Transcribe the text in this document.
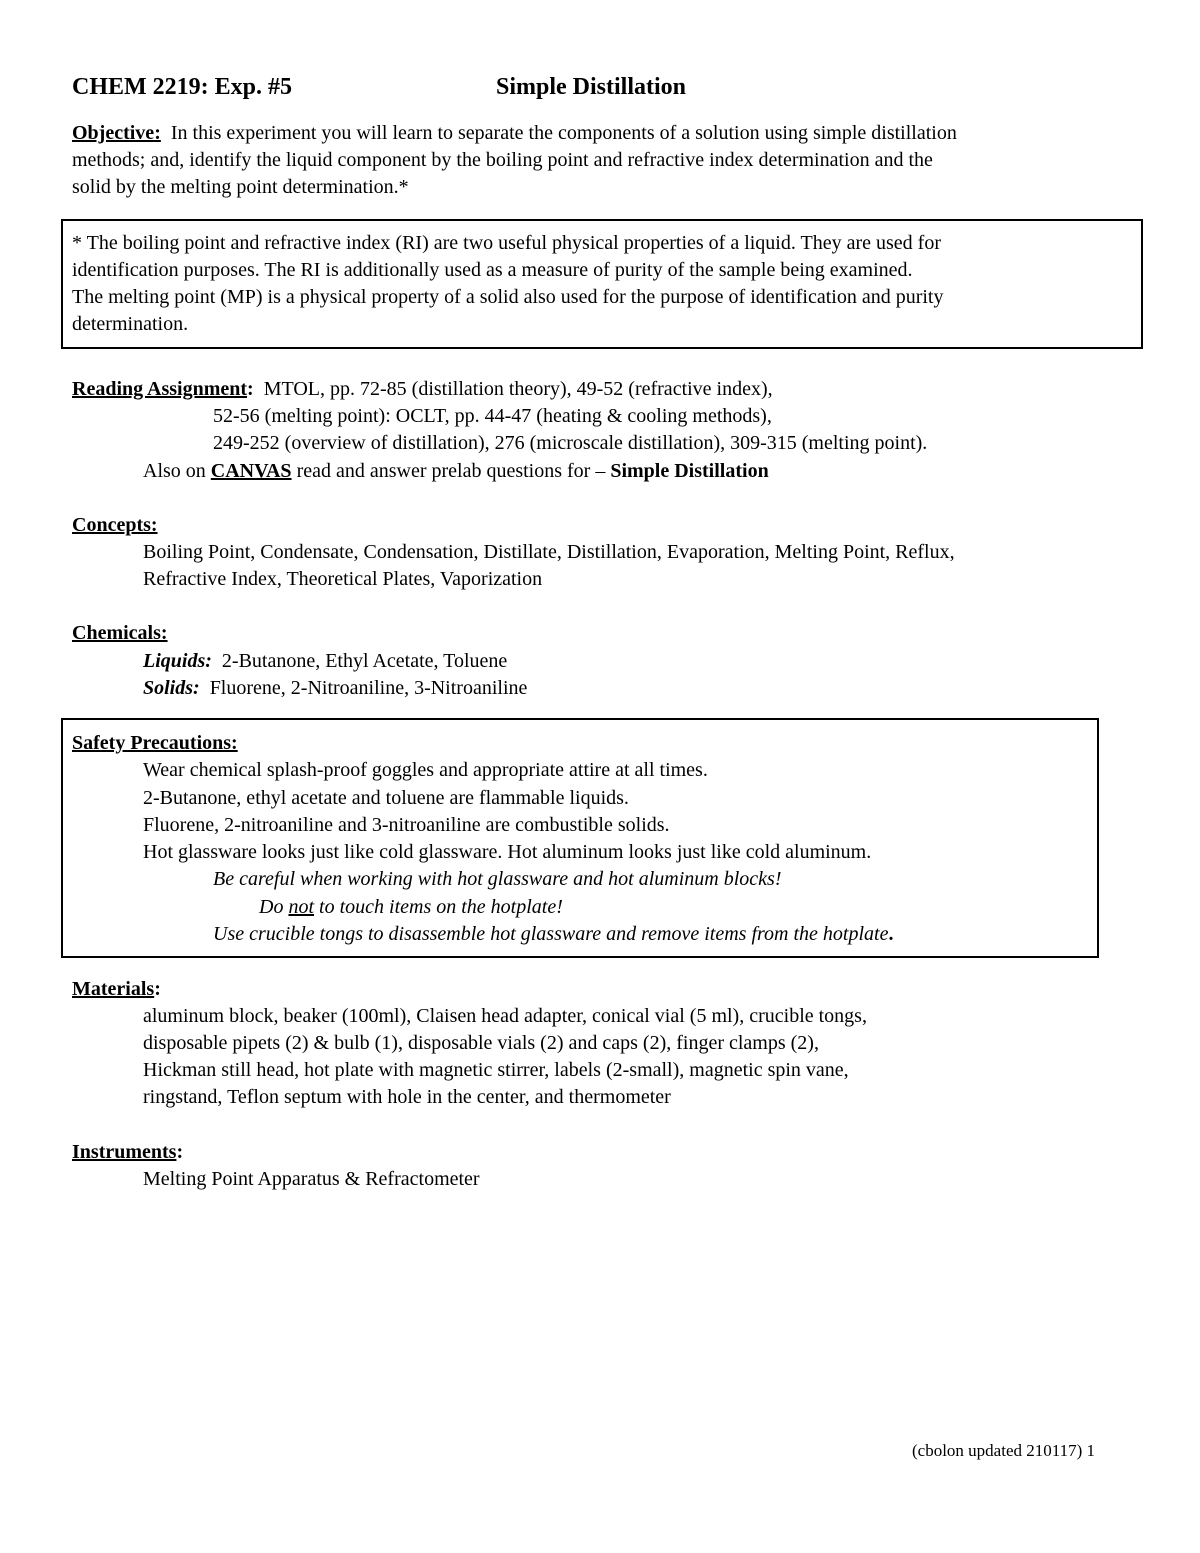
CHEM 2219: Exp. #5	Simple Distillation
Objective: In this experiment you will learn to separate the components of a solution using simple distillation
methods; and, identify the liquid component by the boiling point and refractive index determination and the
solid by the melting point determination.*
* The boiling point and refractive index (RI) are two useful physical properties of a liquid. They are used for
identification purposes. The RI is additionally used as a measure of purity of the sample being examined.
The melting point (MP) is a physical property of a solid also used for the purpose of identification and purity
determination.
Reading Assignment: MTOL, pp. 72-85 (distillation theory), 49-52 (refractive index),
52-56 (melting point): OCLT, pp. 44-47 (heating & cooling methods),
249-252 (overview of distillation), 276 (microscale distillation), 309-315 (melting point).
Also on CANVAS read and answer prelab questions for – Simple Distillation
Concepts:
Boiling Point, Condensate, Condensation, Distillate, Distillation, Evaporation, Melting Point, Reflux,
Refractive Index, Theoretical Plates, Vaporization
Chemicals:
Liquids: 2-Butanone, Ethyl Acetate, Toluene
Solids: Fluorene, 2-Nitroaniline, 3-Nitroaniline
Safety Precautions:
Wear chemical splash-proof goggles and appropriate attire at all times.
2-Butanone, ethyl acetate and toluene are flammable liquids.
Fluorene, 2-nitroaniline and 3-nitroaniline are combustible solids.
Hot glassware looks just like cold glassware. Hot aluminum looks just like cold aluminum.
Be careful when working with hot glassware and hot aluminum blocks!
Do not to touch items on the hotplate!
Use crucible tongs to disassemble hot glassware and remove items from the hotplate.
Materials:
aluminum block, beaker (100ml), Claisen head adapter, conical vial (5 ml), crucible tongs,
disposable pipets (2) & bulb (1), disposable vials (2) and caps (2), finger clamps (2),
Hickman still head, hot plate with magnetic stirrer, labels (2-small), magnetic spin vane,
ringstand, Teflon septum with hole in the center, and thermometer
Instruments:
Melting Point Apparatus & Refractometer
(cbolon updated 210117) 1
